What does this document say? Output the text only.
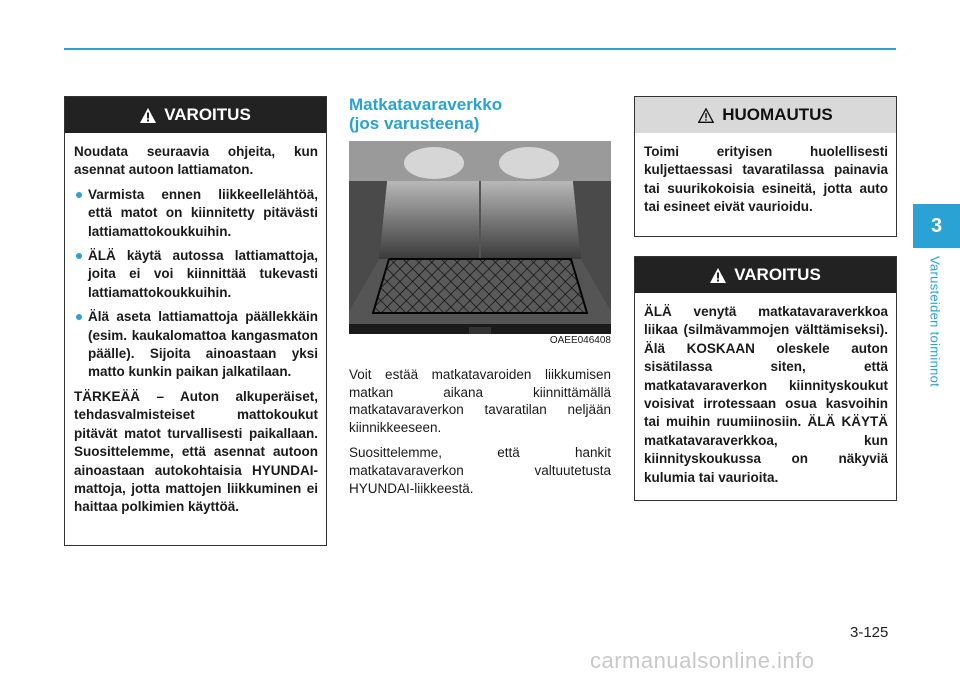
3
Varusteiden toiminnot
VAROITUS

Noudata seuraavia ohjeita, kun asennat autoon lattiamaton.

Varmista ennen liikkeellelähtöä, että matot on kiinnitetty pitävästi lattiamattokoukkuihin.
ÄLÄ käytä autossa lattiamattoja, joita ei voi kiinnittää tukevasti lattiamattokoukkuihin.
Älä aseta lattiamattoja päällekkäin (esim. kaukalomattoa kangasmaton päälle). Sijoita ainoastaan yksi matto kunkin paikan jalkatilaan.

TÄRKEÄÄ – Auton alkuperäiset, tehdasvalmisteiset mattokoukut pitävät matot turvallisesti paikallaan. Suosittelemme, että asennat autoon ainoastaan autokohtaisia HYUNDAI-mattoja, jotta mattojen liikkuminen ei haittaa polkimien käyttöä.

Matkatavaraverkko
(jos varusteena)
OAEE046408

Voit estää matkatavaroiden liikkumisen matkan aikana kiinnittämällä matkatavaraverkon tavaratilan nelјään kiinnikkeeseen.

Suosittelemme, että hankit matkatavaraverkon valtuutetusta HYUNDAI-liikkeestä.

HUOMAUTUS

Toimi erityisen huolellisesti kuljettaessasi tavaratilassa painavia tai suurikokoisia esineitä, jotta auto tai esineet eivät vaurioidu.

VAROITUS

ÄLÄ venytä matkatavaraverkkoa liikaa (silmävammojen välttämiseksi). Älä KOSKAAN oleskele auton sisätilassa siten, että matkatavaraverkon kiinnityskoukut voisivat irrotessaan osua kasvoihin tai muihin ruumiinosiin. ÄLÄ KÄYTÄ matkatavaraverkkoa, kun kiinnityskoukussa on näkyviä kulumia tai vaurioita.

3-125
carmanualsonline.info
